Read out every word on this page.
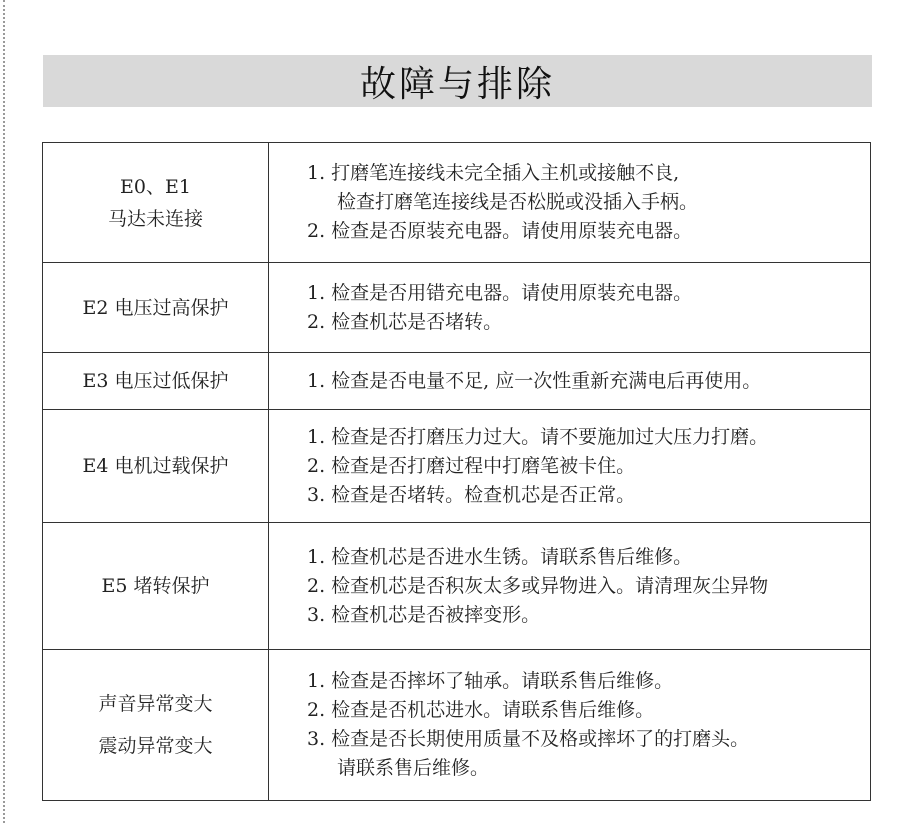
故障与排除
E0、E1
马达未连接
1. 打磨笔连接线未完全插入主机或接触不良,
检查打磨笔连接线是否松脱或没插入手柄。
2. 检查是否原装充电器。请使用原装充电器。
E2 电压过高保护
1. 检查是否用错充电器。请使用原装充电器。
2. 检查机芯是否堵转。
E3 电压过低保护	1. 检查是否电量不足, 应一次性重新充满电后再使用。
E4 电机过载保护
1. 检查是否打磨压力过大。请不要施加过大压力打磨。
2. 检查是否打磨过程中打磨笔被卡住。
3. 检查是否堵转。检查机芯是否正常。
E5 堵转保护
1. 检查机芯是否进水生锈。请联系售后维修。
2. 检查机芯是否积灰太多或异物进入。请清理灰尘异物
3. 检查机芯是否被摔变形。
声音异常变大
震动异常变大
1. 检查是否摔坏了轴承。请联系售后维修。
2. 检查是否机芯进水。请联系售后维修。
3. 检查是否长期使用质量不及格或摔坏了的打磨头。
请联系售后维修。
